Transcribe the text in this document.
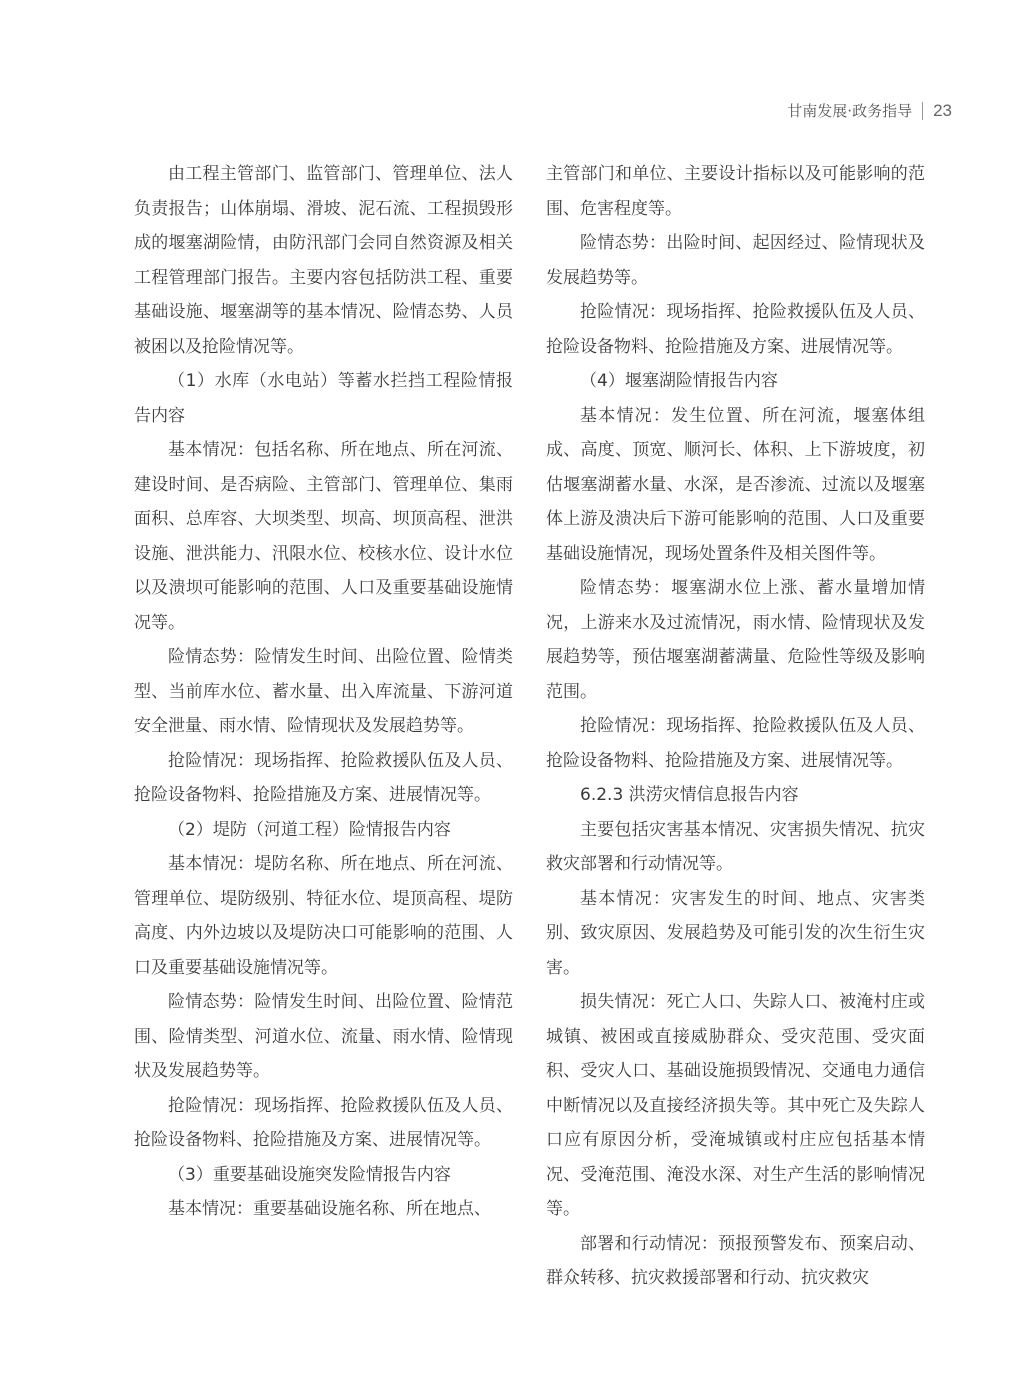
甘南发展·政务指导 23

由工程主管部门、监管部门、管理单位、法人负责报告；山体崩塌、滑坡、泥石流、工程损毁形成的堰塞湖险情，由防汛部门会同自然资源及相关工程管理部门报告。主要内容包括防洪工程、重要基础设施、堰塞湖等的基本情况、险情态势、人员被困以及抢险情况等。

（1）水库（水电站）等蓄水拦挡工程险情报告内容

基本情况：包括名称、所在地点、所在河流、建设时间、是否病险、主管部门、管理单位、集雨面积、总库容、大坝类型、坝高、坝顶高程、泄洪设施、泄洪能力、汛限水位、校核水位、设计水位以及溃坝可能影响的范围、人口及重要基础设施情况等。

险情态势：险情发生时间、出险位置、险情类型、当前库水位、蓄水量、出入库流量、下游河道安全泄量、雨水情、险情现状及发展趋势等。

抢险情况：现场指挥、抢险救援队伍及人员、抢险设备物料、抢险措施及方案、进展情况等。

（2）堤防（河道工程）险情报告内容

基本情况：堤防名称、所在地点、所在河流、管理单位、堤防级别、特征水位、堤顶高程、堤防高度、内外边坡以及堤防决口可能影响的范围、人口及重要基础设施情况等。

险情态势：险情发生时间、出险位置、险情范围、险情类型、河道水位、流量、雨水情、险情现状及发展趋势等。

抢险情况：现场指挥、抢险救援队伍及人员、抢险设备物料、抢险措施及方案、进展情况等。

（3）重要基础设施突发险情报告内容

基本情况：重要基础设施名称、所在地点、

主管部门和单位、主要设计指标以及可能影响的范围、危害程度等。

险情态势：出险时间、起因经过、险情现状及发展趋势等。

抢险情况：现场指挥、抢险救援队伍及人员、抢险设备物料、抢险措施及方案、进展情况等。

（4）堰塞湖险情报告内容

基本情况：发生位置、所在河流，堰塞体组成、高度、顶宽、顺河长、体积、上下游坡度，初估堰塞湖蓄水量、水深，是否渗流、过流以及堰塞体上游及溃决后下游可能影响的范围、人口及重要基础设施情况，现场处置条件及相关图件等。

险情态势：堰塞湖水位上涨、蓄水量增加情况，上游来水及过流情况，雨水情、险情现状及发展趋势等，预估堰塞湖蓄满量、危险性等级及影响范围。

抢险情况：现场指挥、抢险救援队伍及人员、抢险设备物料、抢险措施及方案、进展情况等。

6.2.3 洪涝灾情信息报告内容

主要包括灾害基本情况、灾害损失情况、抗灾救灾部署和行动情况等。

基本情况：灾害发生的时间、地点、灾害类别、致灾原因、发展趋势及可能引发的次生衍生灾害。

损失情况：死亡人口、失踪人口、被淹村庄或城镇、被困或直接威胁群众、受灾范围、受灾面积、受灾人口、基础设施损毁情况、交通电力通信中断情况以及直接经济损失等。其中死亡及失踪人口应有原因分析，受淹城镇或村庄应包括基本情况、受淹范围、淹没水深、对生产生活的影响情况等。

部署和行动情况：预报预警发布、预案启动、群众转移、抗灾救援部署和行动、抗灾救灾
